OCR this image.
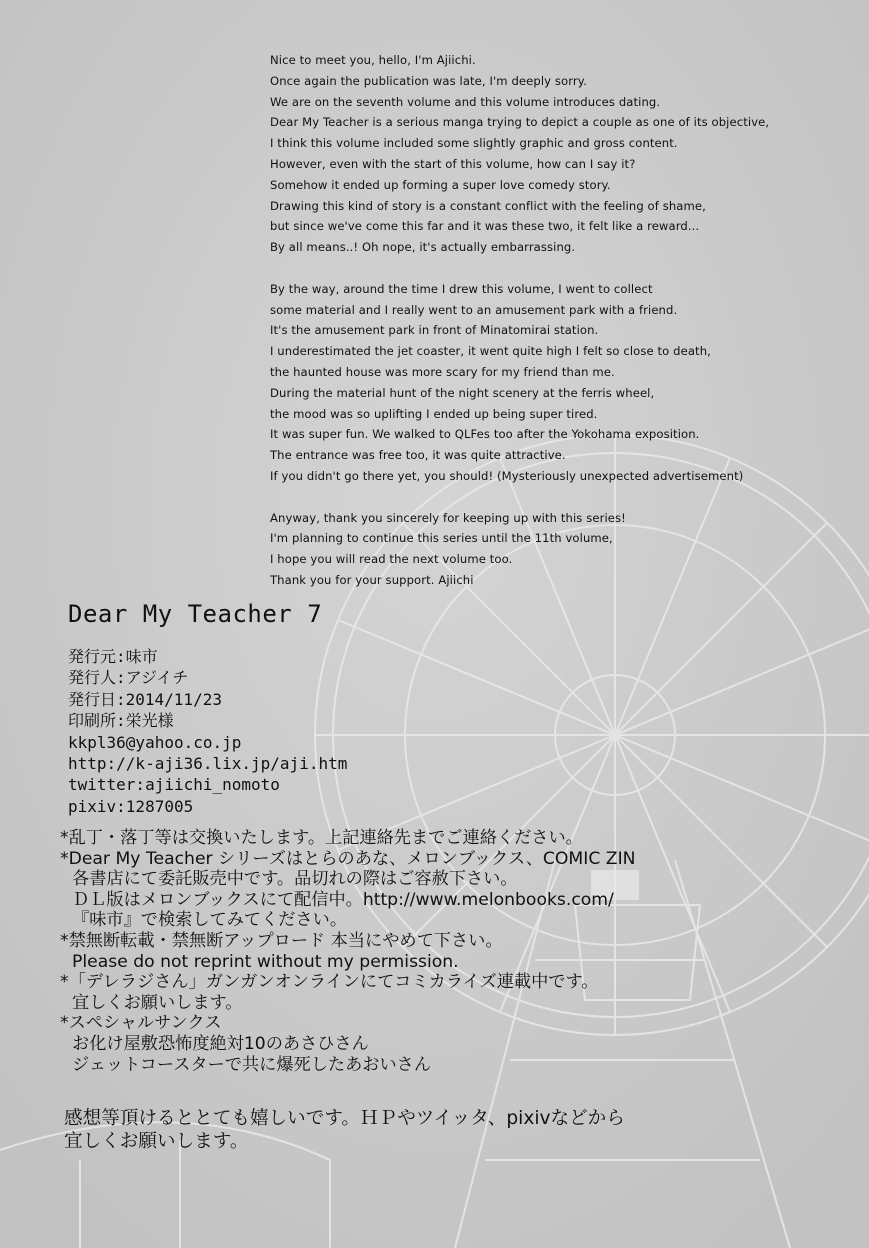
Nice to meet you, hello, I'm Ajiichi.
Once again the publication was late, I'm deeply sorry.
We are on the seventh volume and this volume introduces dating.
Dear My Teacher is a serious manga trying to depict a couple as one of its objective,
I think this volume included some slightly graphic and gross content.
However, even with the start of this volume, how can I say it?
Somehow it ended up forming a super love comedy story.
Drawing this kind of story is a constant conflict with the feeling of shame,
but since we've come this far and it was these two, it felt like a reward...
By all means..! Oh nope, it's actually embarrassing.
By the way, around the time I drew this volume, I went to collect
some material and I really went to an amusement park with a friend.
It's the amusement park in front of Minatomirai station.
I underestimated the jet coaster, it went quite high I felt so close to death,
the haunted house was more scary for my friend than me.
During the material hunt of the night scenery at the ferris wheel,
the mood was so uplifting I ended up being super tired.
It was super fun. We walked to QLFes too after the Yokohama exposition.
The entrance was free too, it was quite attractive.
If you didn't go there yet, you should! (Mysteriously unexpected advertisement)
Anyway, thank you sincerely for keeping up with this series!
I'm planning to continue this series until the 11th volume,
I hope you will read the next volume too.
Thank you for your support. Ajiichi
Dear My Teacher 7
発行元:味市
発行人:アジイチ
発行日:2014/11/23
印刷所:栄光様
kkpl36@yahoo.co.jp
http://k-aji36.lix.jp/aji.htm
twitter:ajiichi_nomoto
pixiv:1287005
*乱丁・落丁等は交換いたします。上記連絡先までご連絡ください。
*Dear My Teacher シリーズはとらのあな、メロンブックス、COMIC ZIN
各書店にて委託販売中です。品切れの際はご容赦下さい。
ＤＬ版はメロンブックスにて配信中。http://www.melonbooks.com/
『味市』で検索してみてください。
*禁無断転載・禁無断アップロード 本当にやめて下さい。
Please do not reprint without my permission.
*「デレラジさん」ガンガンオンラインにてコミカライズ連載中です。
宜しくお願いします。
*スペシャルサンクス
お化け屋敷恐怖度絶対10のあさひさん
ジェットコースターで共に爆死したあおいさん
感想等頂けるととても嬉しいです。ＨＰやツイッタ、pixivなどから
宜しくお願いします。
